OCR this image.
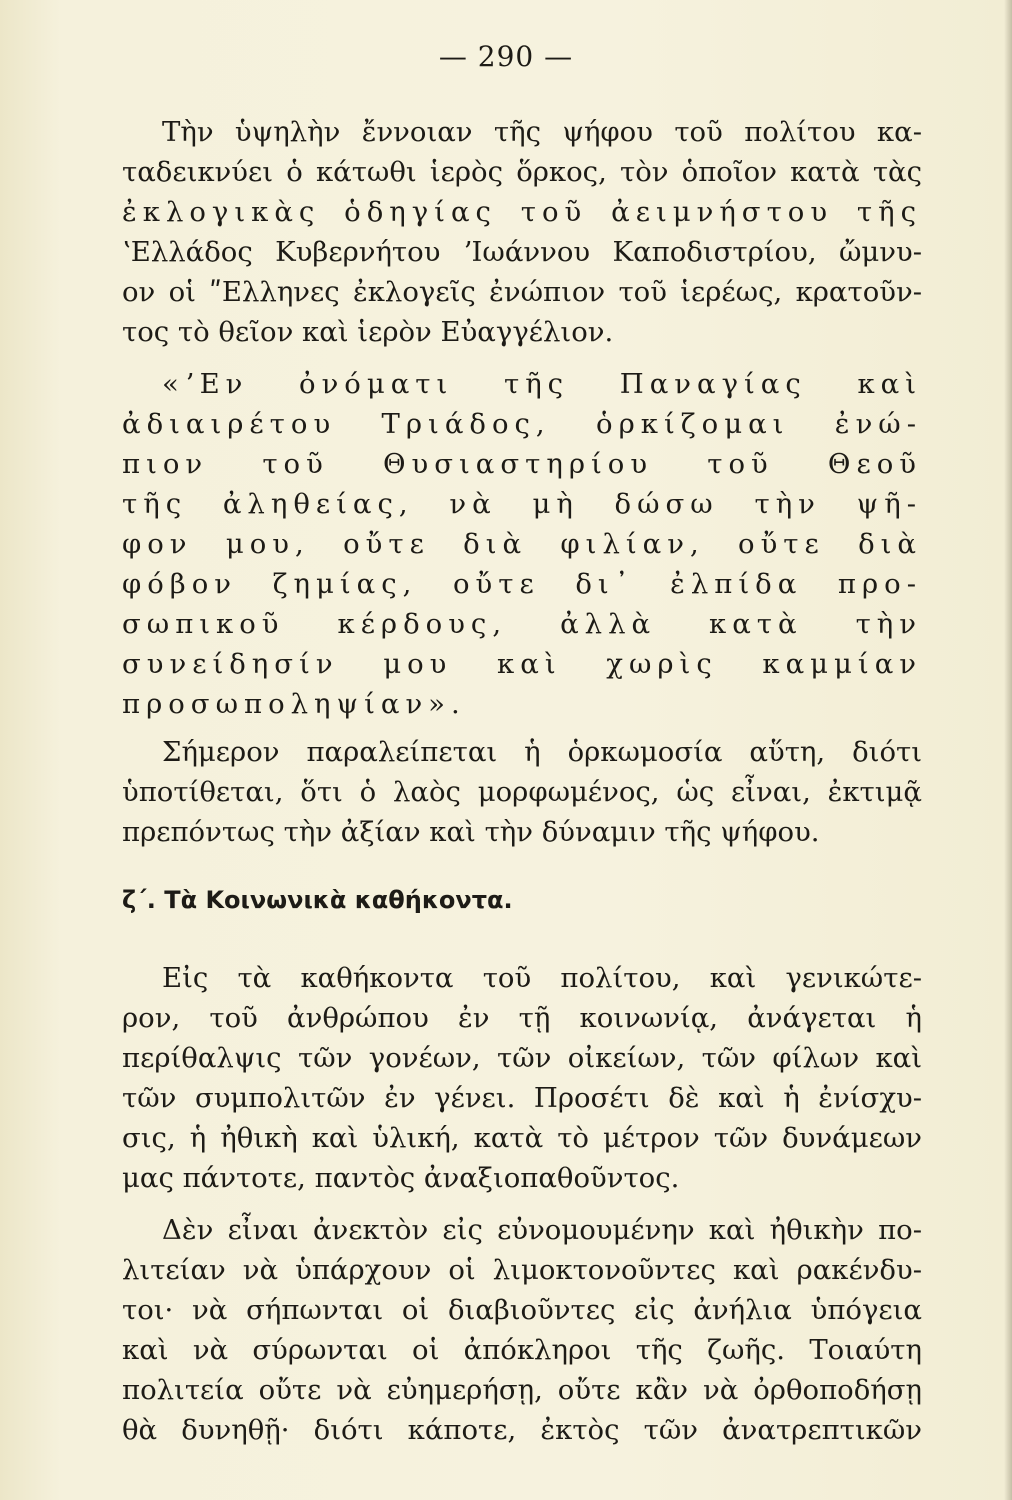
— 290 —
Τὴν ὑψηλὴν ἔννοιαν τῆς ψήφου τοῦ πολίτου κα-
ταδεικνύει ὁ κάτωθι ἱερὸς ὅρκος, τὸν ὁποῖον κατὰ τὰς
ἐκλογικὰς ὁδηγίας τοῦ ἀειμνήστου τῆς
ʽΕλλάδος Κυβερνήτου ʼΙωάννου Καποδιστρίου, ὤμνυ-
ον οἱ ʺΕλληνες ἐκλογεῖς ἐνώπιον τοῦ ἱερέως, κρατοῦν-
τος τὸ θεῖον καὶ ἱερὸν Εὐαγγέλιον.
«ʼΕν ὀνόματι τῆς Παναγίας καὶ
ἀδιαιρέτου Τριάδος, ὁρκίζομαι ἐνώ-
πιον τοῦ Θυσιαστηρίου τοῦ Θεοῦ
τῆς ἀληθείας, νὰ μὴ δώσω τὴν ψῆ-
φον μου, οὔτε διὰ φιλίαν, οὔτε διὰ
φόβον ζημίας, οὔτε δι᾿ ἐλπίδα προ-
σωπικοῦ κέρδους, ἀλλὰ κατὰ τὴν
συνείδησίν μου καὶ χωρὶς καμμίαν
προσωποληψίαν».
Σήμερον παραλείπεται ἡ ὁρκωμοσία αὕτη, διότι
ὑποτίθεται, ὅτι ὁ λαὸς μορφωμένος, ὡς εἶναι, ἐκτιμᾷ
πρεπόντως τὴν ἀξίαν καὶ τὴν δύναμιν τῆς ψήφου.
ζ΄. Τὰ Κοινωνικὰ καθήκοντα.
Εἰς τὰ καθήκοντα τοῦ πολίτου, καὶ γενικώτε-
ρον, τοῦ ἀνθρώπου ἐν τῇ κοινωνίᾳ, ἀνάγεται ἡ
περίθαλψις τῶν γονέων, τῶν οἰκείων, τῶν φίλων καὶ
τῶν συμπολιτῶν ἐν γένει. Προσέτι δὲ καὶ ἡ ἐνίσχυ-
σις, ἡ ἠθικὴ καὶ ὑλική, κατὰ τὸ μέτρον τῶν δυνάμεων
μας πάντοτε, παντὸς ἀναξιοπαθοῦντος.
Δὲν εἶναι ἀνεκτὸν εἰς εὐνομουμένην καὶ ἠθικὴν πο-
λιτείαν νὰ ὑπάρχουν οἱ λιμοκτονοῦντες καὶ ρακένδυ-
τοι· νὰ σήπωνται οἱ διαβιοῦντες εἰς ἀνήλια ὑπόγεια
καὶ νὰ σύρωνται οἱ ἀπόκληροι τῆς ζωῆς. Τοιαύτη
πολιτεία οὔτε νὰ εὐημερήσῃ, οὔτε κἂν νὰ ὀρθοποδήσῃ
θὰ δυνηθῇ· διότι κάποτε, ἐκτὸς τῶν ἀνατρεπτικῶν
